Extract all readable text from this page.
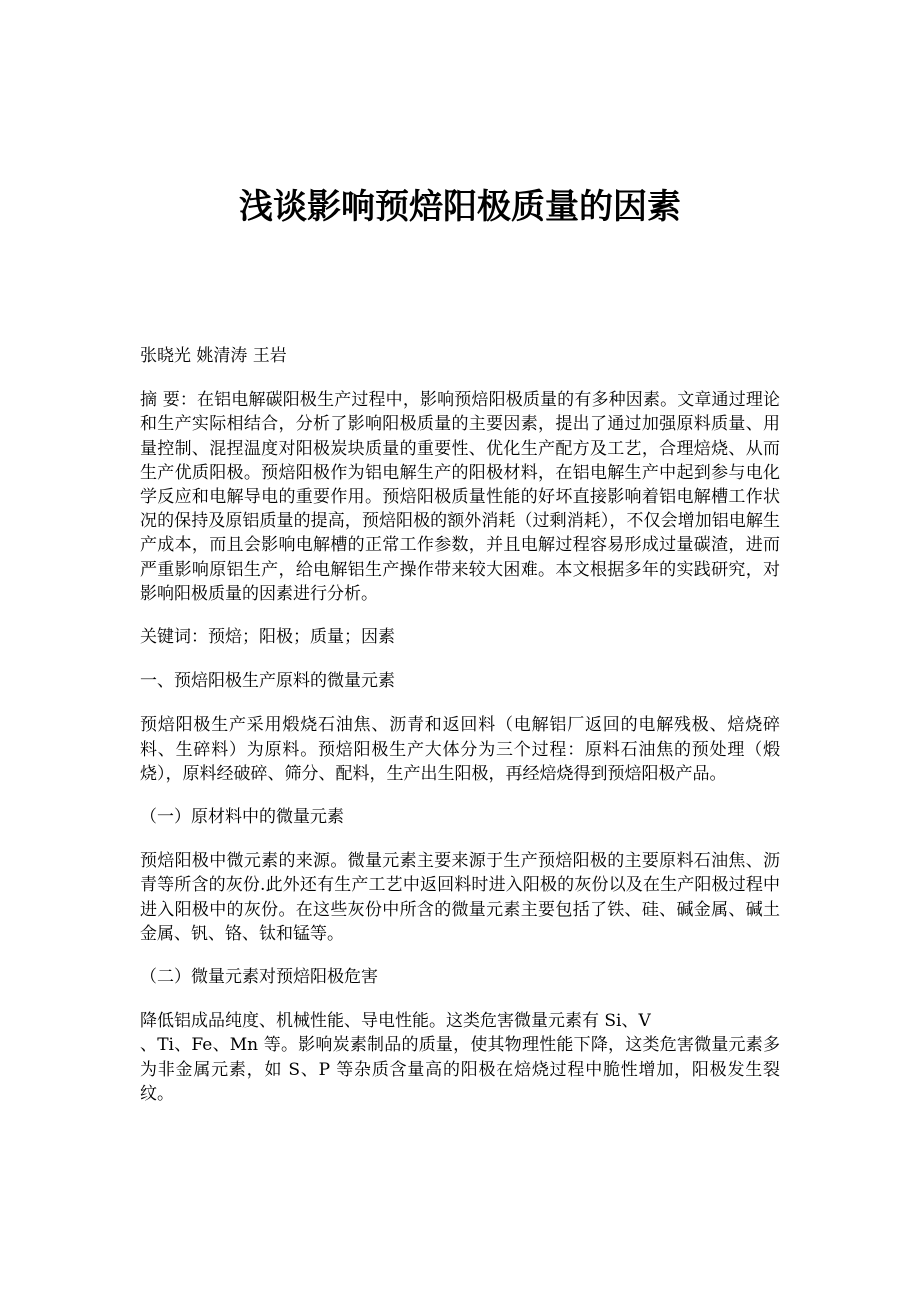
浅谈影响预焙阳极质量的因素

张晓光 姚清涛 王岩

摘 要：在铝电解碳阳极生产过程中，影响预焙阳极质量的有多种因素。文章通过理论和生产实际相结合，分析了影响阳极质量的主要因素，提出了通过加强原料质量、用量控制、混捏温度对阳极炭块质量的重要性、优化生产配方及工艺，合理焙烧、从而生产优质阳极。预焙阳极作为铝电解生产的阳极材料，在铝电解生产中起到参与电化学反应和电解导电的重要作用。预焙阳极质量性能的好坏直接影响着铝电解槽工作状况的保持及原铝质量的提高，预焙阳极的额外消耗（过剩消耗），不仅会增加铝电解生产成本，而且会影响电解槽的正常工作参数，并且电解过程容易形成过量碳渣，进而严重影响原铝生产，给电解铝生产操作带来较大困难。本文根据多年的实践研究，对影响阳极质量的因素进行分析。

关键词：预焙；阳极；质量；因素

一、预焙阳极生产原料的微量元素

预焙阳极生产采用煅烧石油焦、沥青和返回料（电解铝厂返回的电解残极、焙烧碎料、生碎料）为原料。预焙阳极生产大体分为三个过程：原料石油焦的预处理（煅烧），原料经破碎、筛分、配料，生产出生阳极，再经焙烧得到预焙阳极产品。

（一）原材料中的微量元素

预焙阳极中微元素的来源。微量元素主要来源于生产预焙阳极的主要原料石油焦、沥青等所含的灰份.此外还有生产工艺中返回料时进入阳极的灰份以及在生产阳极过程中进入阳极中的灰份。在这些灰份中所含的微量元素主要包括了铁、硅、碱金属、碱土金属、钒、铬、钛和锰等。

（二）微量元素对预焙阳极危害

降低铝成品纯度、机械性能、导电性能。这类危害微量元素有 Si、V
、Ti、Fe、Mn 等。影响炭素制品的质量，使其物理性能下降，这类危害微量元素多为非金属元素，如 S、P 等杂质含量高的阳极在焙烧过程中脆性增加，阳极发生裂纹。
